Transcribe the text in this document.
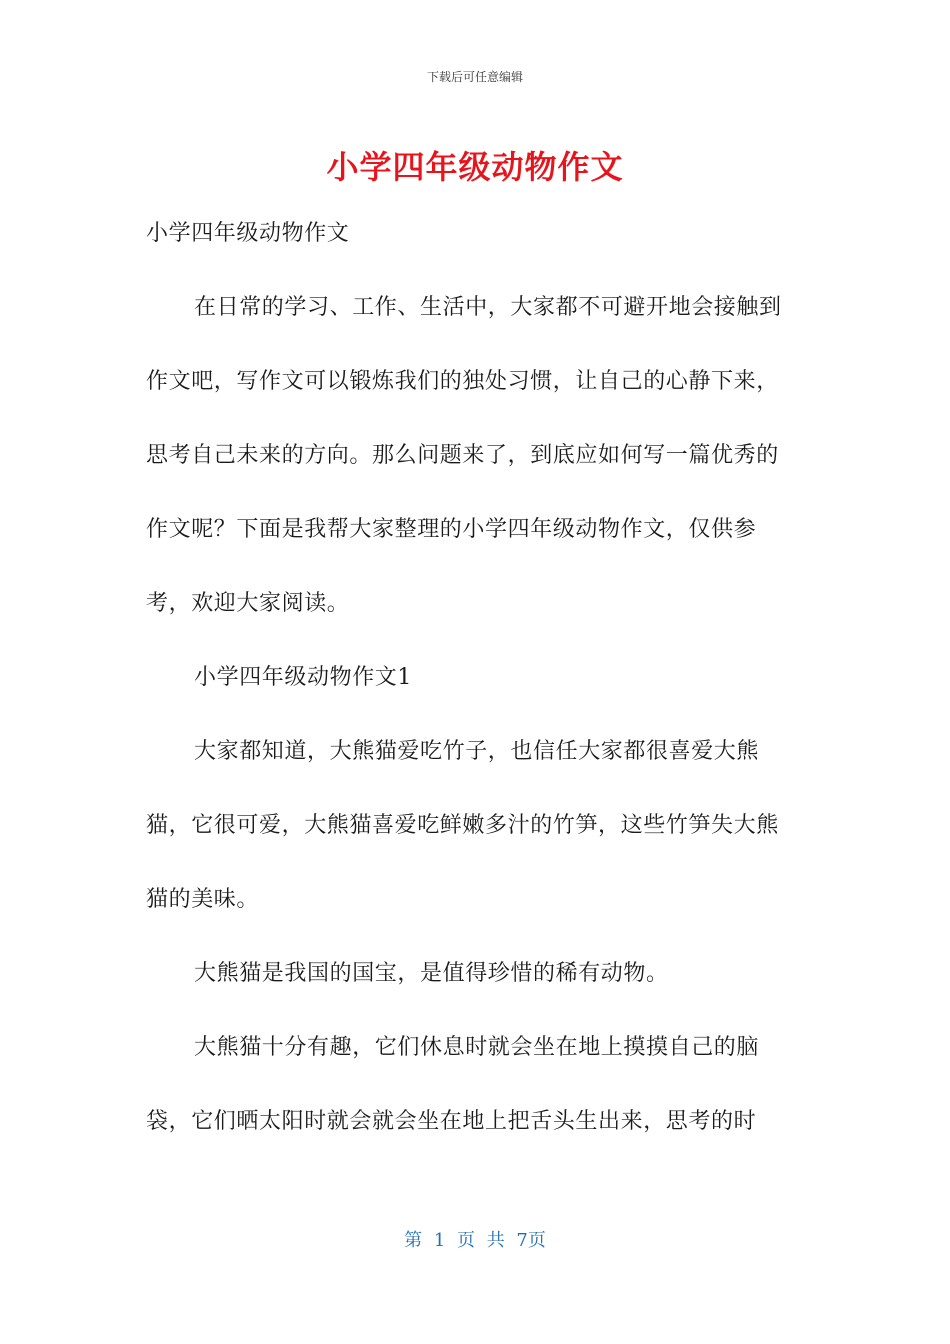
下载后可任意编辑
小学四年级动物作文

小学四年级动物作文

在日常的学习、工作、生活中，大家都不可避开地会接触到作文吧，写作文可以锻炼我们的独处习惯，让自己的心静下来，思考自己未来的方向。那么问题来了，到底应如何写一篇优秀的作文呢？下面是我帮大家整理的小学四年级动物作文，仅供参考，欢迎大家阅读。

小学四年级动物作文1

大家都知道，大熊猫爱吃竹子，也信任大家都很喜爱大熊猫，它很可爱，大熊猫喜爱吃鲜嫩多汁的竹笋，这些竹笋失大熊猫的美味。

大熊猫是我国的国宝，是值得珍惜的稀有动物。

大熊猫十分有趣，它们休息时就会坐在地上摸摸自己的脑袋，它们晒太阳时就会就会坐在地上把舌头生出来，思考的时

第 1 页 共 7页
